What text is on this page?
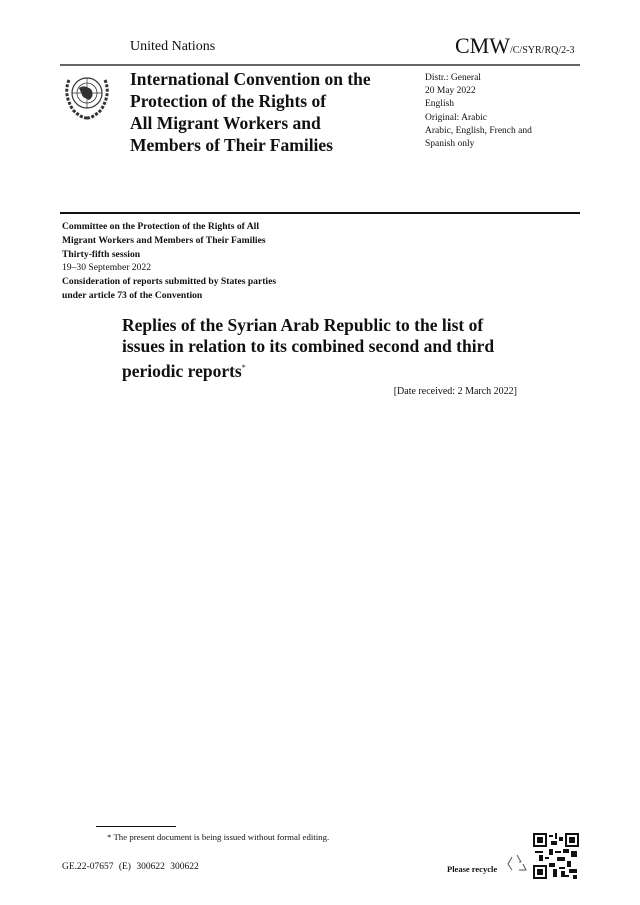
United Nations	CMW/C/SYR/RQ/2-3
International Convention on the
Protection of the Rights of
All Migrant Workers and
Members of Their Families
Distr.: General
20 May 2022
English
Original: Arabic
Arabic, English, French and
Spanish only
Committee on the Protection of the Rights of All
Migrant Workers and Members of Their Families
Thirty-fifth session
19–30 September 2022
Consideration of reports submitted by States parties
under article 73 of the Convention
Replies of the Syrian Arab Republic to the list of
issues in relation to its combined second and third
periodic reports*
[Date received: 2 March 2022]
* The present document is being issued without formal editing.
GE.22-07657 (E) 300622 300622	Please recycle
